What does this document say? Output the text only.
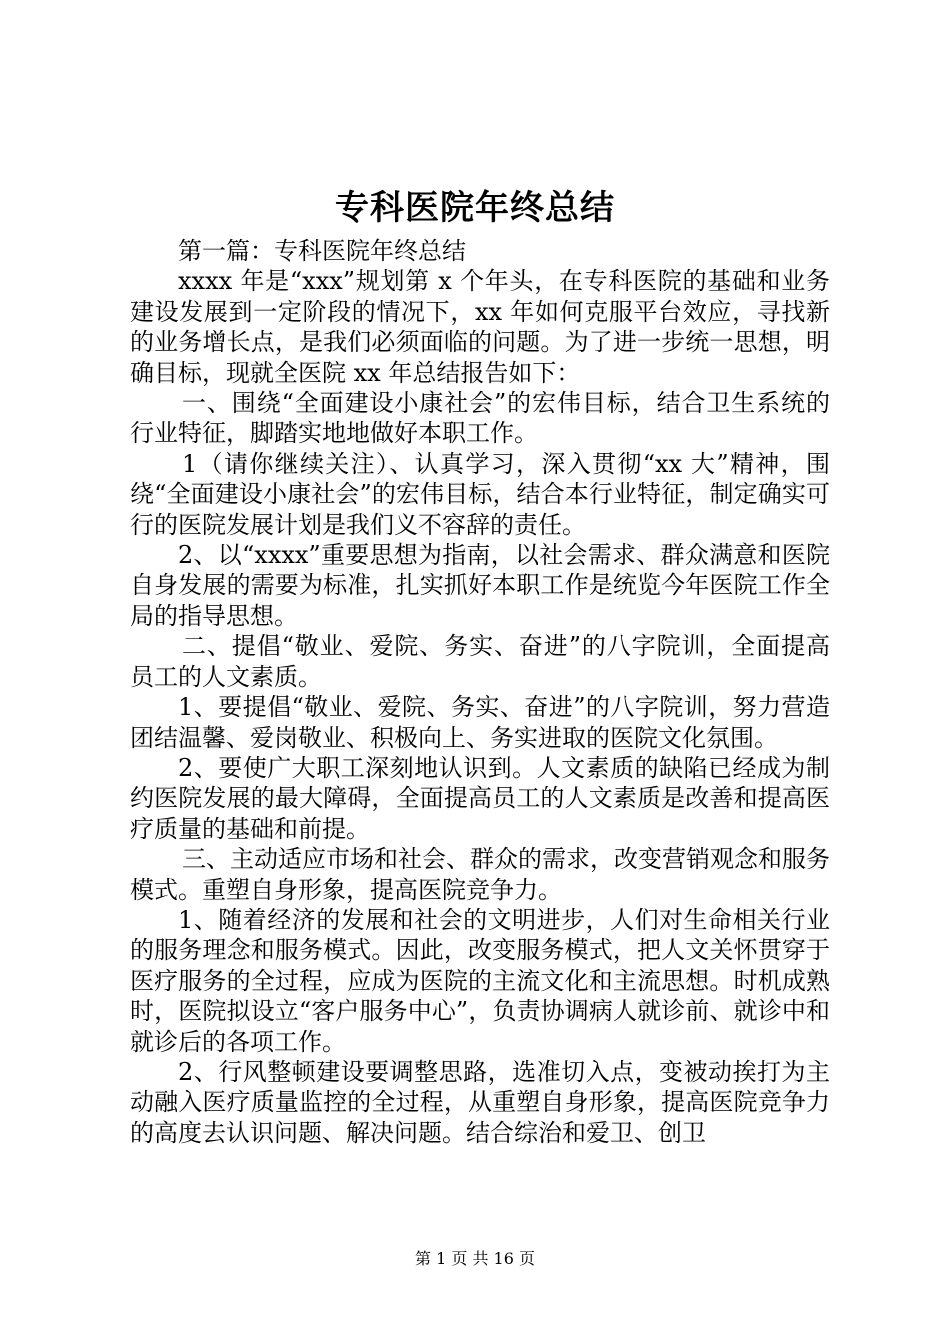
专科医院年终总结

第一篇：专科医院年终总结

xxxx 年是“xxx”规划第 x 个年头，在专科医院的基础和业务建设发展到一定阶段的情况下，xx 年如何克服平台效应，寻找新的业务增长点，是我们必须面临的问题。为了进一步统一思想，明确目标，现就全医院 xx 年总结报告如下：

一、围绕“全面建设小康社会”的宏伟目标，结合卫生系统的行业特征，脚踏实地地做好本职工作。

1（请你继续关注）、认真学习，深入贯彻“xx 大”精神，围绕“全面建设小康社会”的宏伟目标，结合本行业特征，制定确实可行的医院发展计划是我们义不容辞的责任。

2、以“xxxx”重要思想为指南，以社会需求、群众满意和医院自身发展的需要为标准，扎实抓好本职工作是统览今年医院工作全局的指导思想。

二、提倡“敬业、爱院、务实、奋进”的八字院训，全面提高员工的人文素质。

1、要提倡“敬业、爱院、务实、奋进”的八字院训，努力营造团结温馨、爱岗敬业、积极向上、务实进取的医院文化氛围。

2、要使广大职工深刻地认识到。人文素质的缺陷已经成为制约医院发展的最大障碍，全面提高员工的人文素质是改善和提高医疗质量的基础和前提。

三、主动适应市场和社会、群众的需求，改变营销观念和服务模式。重塑自身形象，提高医院竞争力。

1、随着经济的发展和社会的文明进步，人们对生命相关行业的服务理念和服务模式。因此，改变服务模式，把人文关怀贯穿于医疗服务的全过程，应成为医院的主流文化和主流思想。时机成熟时，医院拟设立“客户服务中心”，负责协调病人就诊前、就诊中和就诊后的各项工作。

2、行风整顿建设要调整思路，选准切入点，变被动挨打为主动融入医疗质量监控的全过程，从重塑自身形象，提高医院竞争力的高度去认识问题、解决问题。结合综治和爱卫、创卫

第 1 页 共 16 页
